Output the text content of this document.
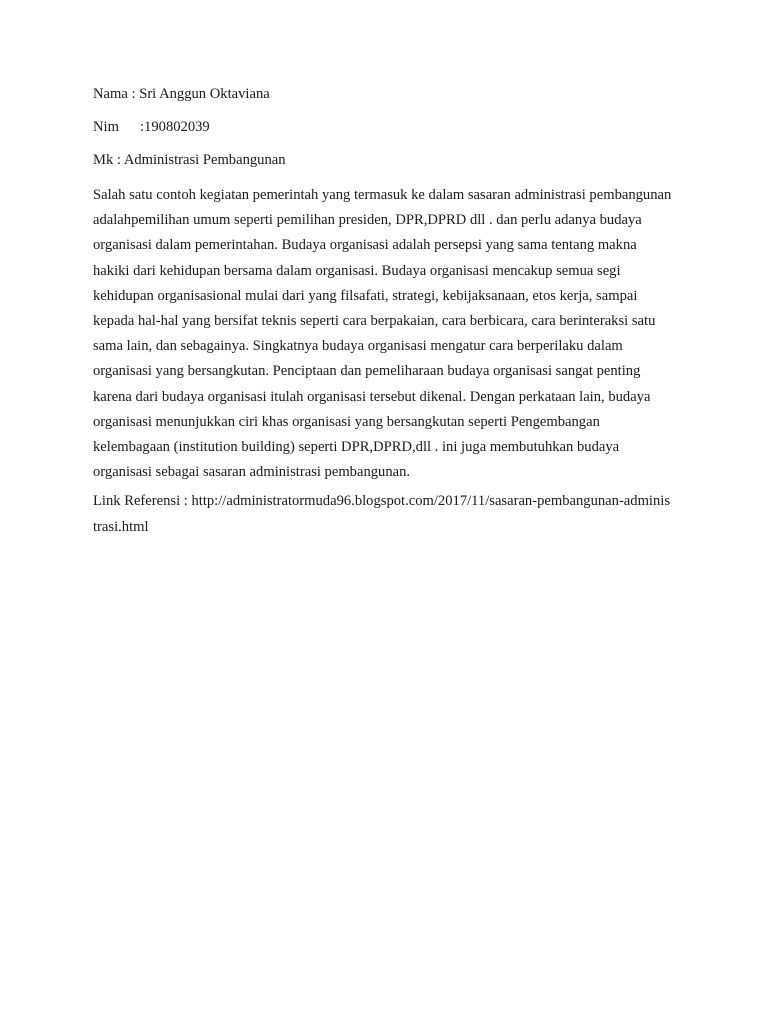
Nama : Sri Anggun Oktaviana

Nim	:190802039

Mk : Administrasi Pembangunan

Salah satu contoh kegiatan pemerintah yang termasuk ke dalam sasaran administrasi pembangunan adalahpemilihan umum seperti pemilihan presiden, DPR,DPRD dll . dan perlu adanya budaya organisasi dalam pemerintahan. Budaya organisasi adalah persepsi yang sama tentang makna hakiki dari kehidupan bersama dalam organisasi. Budaya organisasi mencakup semua segi kehidupan organisasional mulai dari yang filsafati, strategi, kebijaksanaan, etos kerja, sampai kepada hal-hal yang bersifat teknis seperti cara berpakaian, cara berbicara, cara berinteraksi satu sama lain, dan sebagainya. Singkatnya budaya organisasi mengatur cara berperilaku dalam organisasi yang bersangkutan. Penciptaan dan pemeliharaan budaya organisasi sangat penting karena dari budaya organisasi itulah organisasi tersebut dikenal. Dengan perkataan lain, budaya organisasi menunjukkan ciri khas organisasi yang bersangkutan seperti Pengembangan kelembagaan (institution building) seperti DPR,DPRD,dll . ini juga membutuhkan budaya organisasi sebagai sasaran administrasi pembangunan.

Link Referensi : http://administratormuda96.blogspot.com/2017/11/sasaran-pembangunan-administrasi.html
